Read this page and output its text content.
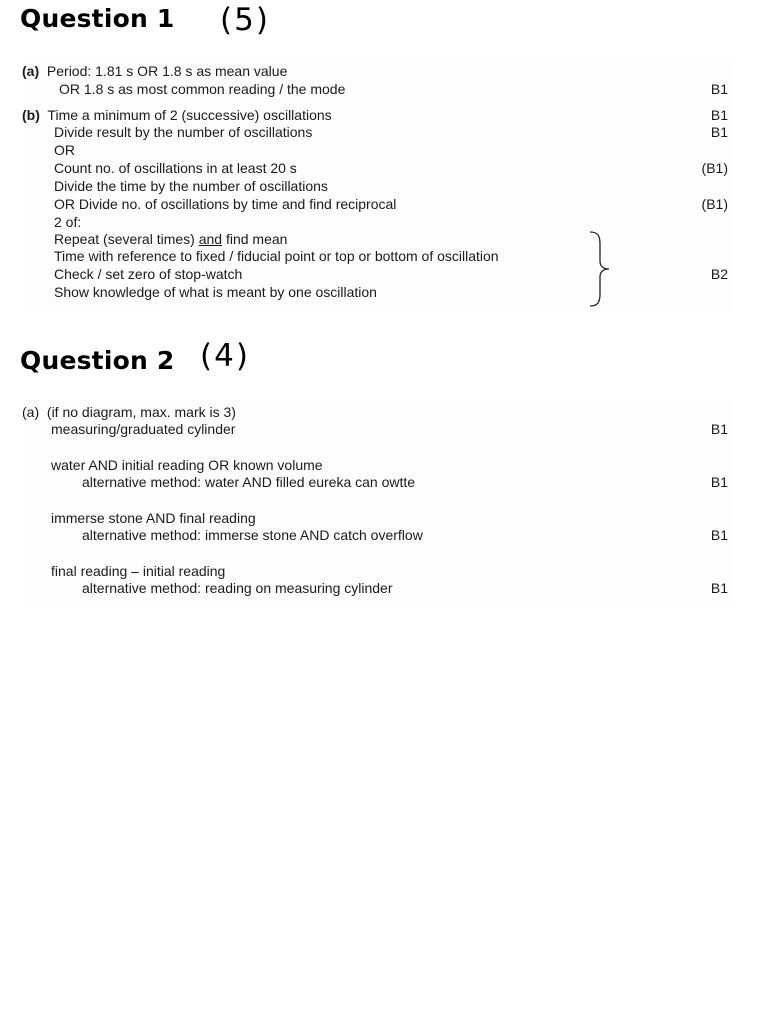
Question 1 (5)
(a) Period: 1.81 s OR 1.8 s as mean value
OR 1.8 s as most common reading / the mode	B1
(b) Time a minimum of 2 (successive) oscillations	B1
Divide result by the number of oscillations	B1
OR
Count no. of oscillations in at least 20 s	(B1)
Divide the time by the number of oscillations
OR Divide no. of oscillations by time and find reciprocal	(B1)
2 of:
Repeat (several times) and find mean
Time with reference to fixed / fiducial point or top or bottom of oscillation
Check / set zero of stop-watch
Show knowledge of what is meant by one oscillation
B2
Question 2 (4)
(a) (if no diagram, max. mark is 3)
measuring/graduated cylinder	B1
water AND initial reading OR known volume
alternative method: water AND filled eureka can owtte	B1
immerse stone AND final reading
alternative method: immerse stone AND catch overflow	B1
final reading – initial reading
alternative method: reading on measuring cylinder	B1
